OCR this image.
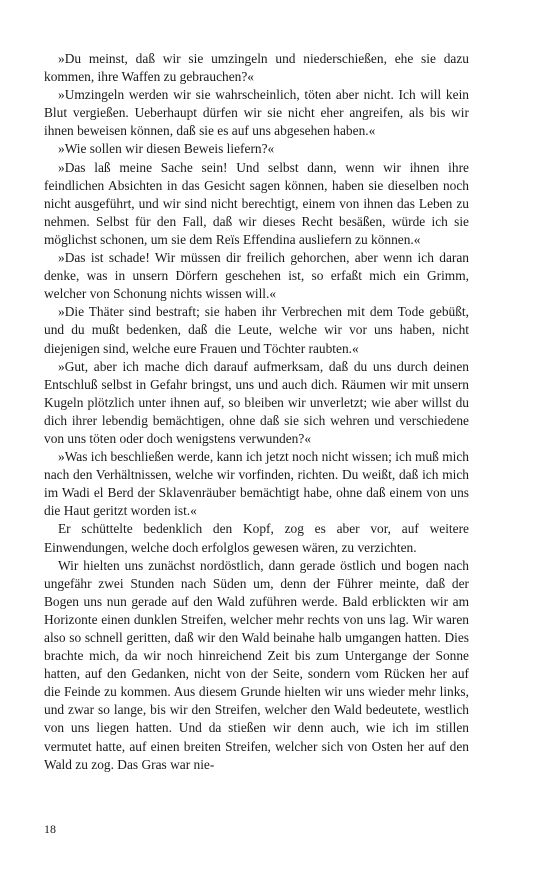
»Du meinst, daß wir sie umzingeln und niederschießen, ehe sie dazu kommen, ihre Waffen zu gebrauchen?«

»Umzingeln werden wir sie wahrscheinlich, töten aber nicht. Ich will kein Blut vergießen. Ueberhaupt dürfen wir sie nicht eher angreifen, als bis wir ihnen beweisen können, daß sie es auf uns abgesehen haben.«

»Wie sollen wir diesen Beweis liefern?«

»Das laß meine Sache sein! Und selbst dann, wenn wir ihnen ihre feindlichen Absichten in das Gesicht sagen können, haben sie dieselben noch nicht ausgeführt, und wir sind nicht berechtigt, einem von ihnen das Leben zu nehmen. Selbst für den Fall, daß wir dieses Recht besäßen, würde ich sie möglichst schonen, um sie dem Reïs Effendina ausliefern zu können.«

»Das ist schade! Wir müssen dir freilich gehorchen, aber wenn ich daran denke, was in unsern Dörfern geschehen ist, so erfaßt mich ein Grimm, welcher von Schonung nichts wissen will.«

»Die Thäter sind bestraft; sie haben ihr Verbrechen mit dem Tode gebüßt, und du mußt bedenken, daß die Leute, welche wir vor uns haben, nicht diejenigen sind, welche eure Frauen und Töchter raubten.«

»Gut, aber ich mache dich darauf aufmerksam, daß du uns durch deinen Entschluß selbst in Gefahr bringst, uns und auch dich. Räumen wir mit unsern Kugeln plötzlich unter ihnen auf, so bleiben wir unverletzt; wie aber willst du dich ihrer lebendig bemächtigen, ohne daß sie sich wehren und verschiedene von uns töten oder doch wenigstens verwunden?«

»Was ich beschließen werde, kann ich jetzt noch nicht wissen; ich muß mich nach den Verhältnissen, welche wir vorfinden, richten. Du weißt, daß ich mich im Wadi el Berd der Sklavenräuber bemächtigt habe, ohne daß einem von uns die Haut geritzt worden ist.«

Er schüttelte bedenklich den Kopf, zog es aber vor, auf weitere Einwendungen, welche doch erfolglos gewesen wären, zu verzichten.

Wir hielten uns zunächst nordöstlich, dann gerade östlich und bogen nach ungefähr zwei Stunden nach Süden um, denn der Führer meinte, daß der Bogen uns nun gerade auf den Wald zuführen werde. Bald erblickten wir am Horizonte einen dunklen Streifen, welcher mehr rechts von uns lag. Wir waren also so schnell geritten, daß wir den Wald beinahe halb umgangen hatten. Dies brachte mich, da wir noch hinreichend Zeit bis zum Untergange der Sonne hatten, auf den Gedanken, nicht von der Seite, sondern vom Rücken her auf die Feinde zu kommen. Aus diesem Grunde hielten wir uns wieder mehr links, und zwar so lange, bis wir den Streifen, welcher den Wald bedeutete, westlich von uns liegen hatten. Und da stießen wir denn auch, wie ich im stillen vermutet hatte, auf einen breiten Streifen, welcher sich von Osten her auf den Wald zu zog. Das Gras war nie-

18
